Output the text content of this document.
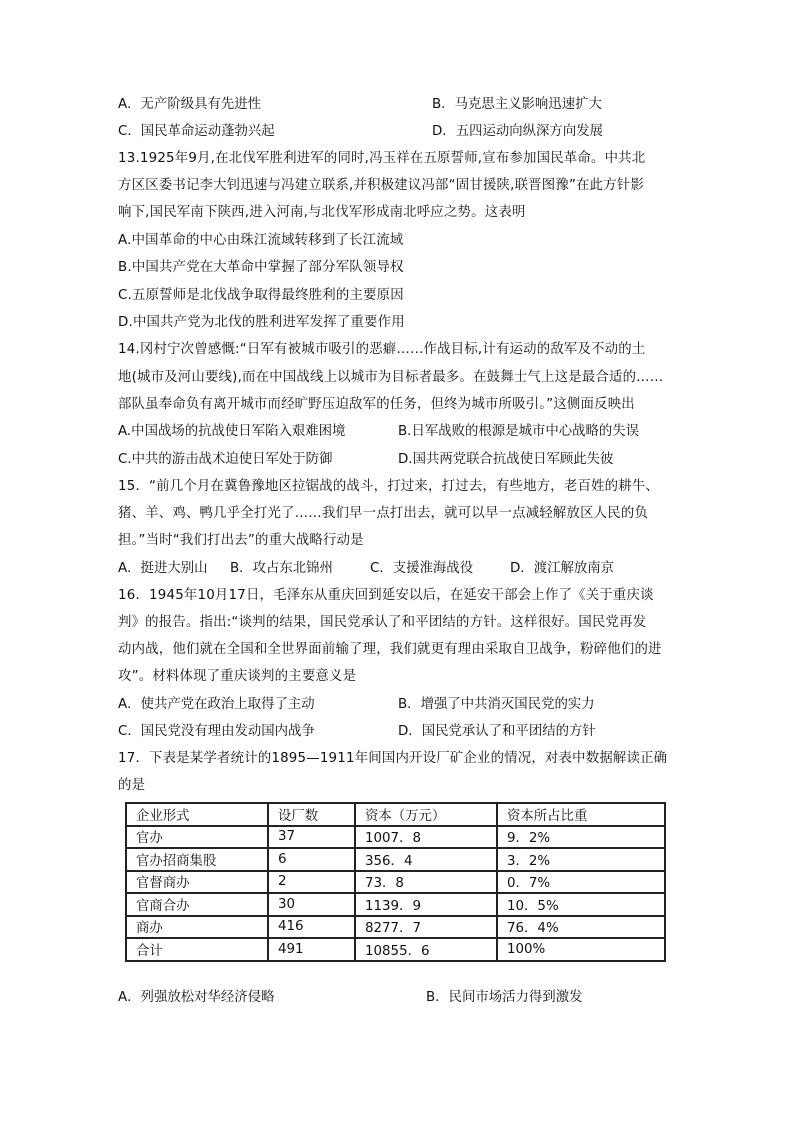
A．无产阶级具有先进性	B．马克思主义影响迅速扩大
C．国民革命运动蓬勃兴起	D．五四运动向纵深方向发展
13.1925年9月,在北伐军胜利进军的同时,冯玉祥在五原誓师,宣布参加国民革命。中共北
方区区委书记李大钊迅速与冯建立联系,并积极建议冯部“固甘援陕,联晋图豫”在此方针影
响下,国民军南下陕西,进入河南,与北伐军形成南北呼应之势。这表明
A.中国革命的中心由珠江流域转移到了长江流域
B.中国共产党在大革命中掌握了部分军队领导权
C.五原誓师是北伐战争取得最终胜利的主要原因
D.中国共产党为北伐的胜利进军发挥了重要作用
14.冈村宁次曾感慨:“日军有被城市吸引的恶癖……作战目标,计有运动的敌军及不动的土
地(城市及河山要线),而在中国战线上以城市为目标者最多。在鼓舞士气上这是最合适的……
部队虽奉命负有离开城市而经旷野压迫敌军的任务，但终为城市所吸引。”这侧面反映出
A.中国战场的抗战使日军陷入艰难困境	B.日军战败的根源是城市中心战略的失误
C.中共的游击战术迫使日军处于防御	D.国共两党联合抗战使日军顾此失彼
15．“前几个月在冀鲁豫地区拉锯战的战斗，打过来，打过去，有些地方，老百姓的耕牛、
猪、羊、鸡、鸭几乎全打光了……我们早一点打出去，就可以早一点减轻解放区人民的负
担。”当时“我们打出去”的重大战略行动是
A．挺进大别山 B．攻占东北锦州	C．支援淮海战役	D．渡江解放南京
16．1945年10月17日，毛泽东从重庆回到延安以后，在延安干部会上作了《关于重庆谈
判》的报告。指出:“谈判的结果，国民党承认了和平团结的方针。这样很好。国民党再发
动内战，他们就在全国和全世界面前输了理，我们就更有理由采取自卫战争，粉碎他们的进
攻”。材料体现了重庆谈判的主要意义是
A．使共产党在政治上取得了主动	B．增强了中共消灭国民党的实力
C．国民党没有理由发动国内战争	D．国民党承认了和平团结的方针
17．下表是某学者统计的1895—1911年间国内开设厂矿企业的情况，对表中数据解读正确
的是
企业形式	设厂数	资本（万元）	资本所占比重
官办	37	1007．8	9．2%
官办招商集股	6	356．4	3．2%
官督商办	2	73．8	0．7%
官商合办	30	1139．9	10．5%
商办	416	8277．7	76．4%
合计	491	10855．6	100%
A．列强放松对华经济侵略	B．民间市场活力得到激发
